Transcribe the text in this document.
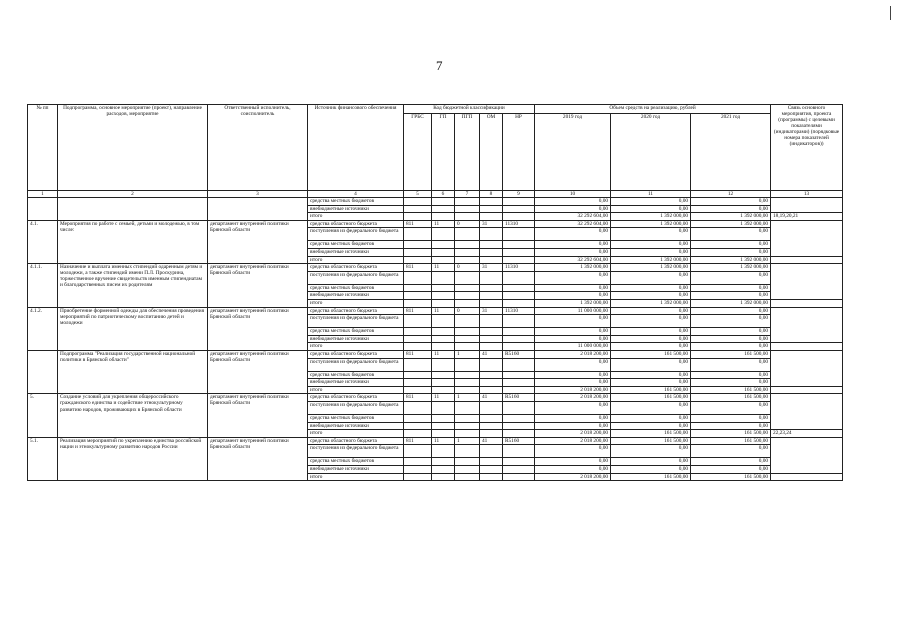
7
№ пп	Подпрограмма, основное мероприятие (проект), направление расходов, мероприятие	Ответственный исполнитель, соисполнитель	Источник финансового обеспечения	Код бюджетной классификации					Объем средств на реализацию, рублей			Связь основного мероприятия, проекта (программы) с целевыми показателями (индикаторами) (порядковые номера показателей (индикаторов))
				ГРБС	ГП	ПГП	ОМ	НР	2019 год	2020 год	2021 год	
1	2	3	4	5	6	7	8	9	10	11	12	13
			средства местных бюджетов						0,00	0,00	0,00	
			внебюджетные источники						0,00	0,00	0,00	
			итого						32 292 604,00	1 392 000,00	1 392 000,00	18,19,20,21
4.1.	Мероприятия по работе с семьей, детьми и молодежью, в том числе:	департамент внутренней политики Брянской области	средства областного бюджета	811	11	0	31	11310	32 292 604,00	1 392 000,00	1 392 000,00	
			поступления из федерального бюджета						0,00	0,00	0,00	
			средства местных бюджетов						0,00	0,00	0,00	
			внебюджетные источники						0,00	0,00	0,00	
			итого						32 292 604,00	1 392 000,00	1 392 000,00	
4.1.1.	Назначение и выплата именных стипендий одаренным детям и молодежи, а также стипендий имени П.Л. Проскурина, торжественное вручение свидетельств именным стипендиатам и благодарственных писем их родителям	департамент внутренней политики Брянской области	средства областного бюджета	811	11	0	31	11310	1 392 000,00	1 392 000,00	1 392 000,00	
			поступления из федерального бюджета						0,00	0,00	0,00	
			средства местных бюджетов						0,00	0,00	0,00	
			внебюджетные источники						0,00	0,00	0,00	
			итого						1 392 000,00	1 392 000,00	1 392 000,00	
4.1.2.	Приобретение форменной одежды для обеспечения проведения мероприятий по патриотическому воспитанию детей и молодежи	департамент внутренней политики Брянской области	средства областного бюджета	811	11	0	31	11310	11 000 000,00	0,00	0,00	
			поступления из федерального бюджета						0,00	0,00	0,00	
			средства местных бюджетов						0,00	0,00	0,00	
			внебюджетные источники						0,00	0,00	0,00	
			итого						11 000 000,00	0,00	0,00	
	Подпрограмма "Реализация государственной национальной политики в Брянской области"	департамент внутренней политики Брянской области	средства областного бюджета	811	11	1	41	R5160	2 018 200,00	161 500,00	161 500,00	
			поступления из федерального бюджета						0,00	0,00	0,00	
			средства местных бюджетов						0,00	0,00	0,00	
			внебюджетные источники						0,00	0,00	0,00	
			итого						2 018 200,00	161 500,00	161 500,00	
5.	Создание условий для укрепления общероссийского гражданского единства и содействие этнокультурному развитию народов, проживающих в Брянской области	департамент внутренней политики Брянской области	средства областного бюджета	811	11	1	41	R5160	2 018 200,00	161 500,00	161 500,00	
			поступления из федерального бюджета						0,00	0,00	0,00	
			средства местных бюджетов						0,00	0,00	0,00	
			внебюджетные источники						0,00	0,00	0,00	
			итого						2 018 200,00	161 500,00	161 500,00	22,23,24
5.1.	Реализация мероприятий по укреплению единства российской нации и этнокультурному развитию народов России	департамент внутренней политики Брянской области	средства областного бюджета	811	11	1	41	R5160	2 018 200,00	161 500,00	161 500,00	
			поступления из федерального бюджета						0,00	0,00	0,00	
			средства местных бюджетов						0,00	0,00	0,00	
			внебюджетные источники						0,00	0,00	0,00	
			итого						2 018 200,00	161 500,00	161 500,00	
